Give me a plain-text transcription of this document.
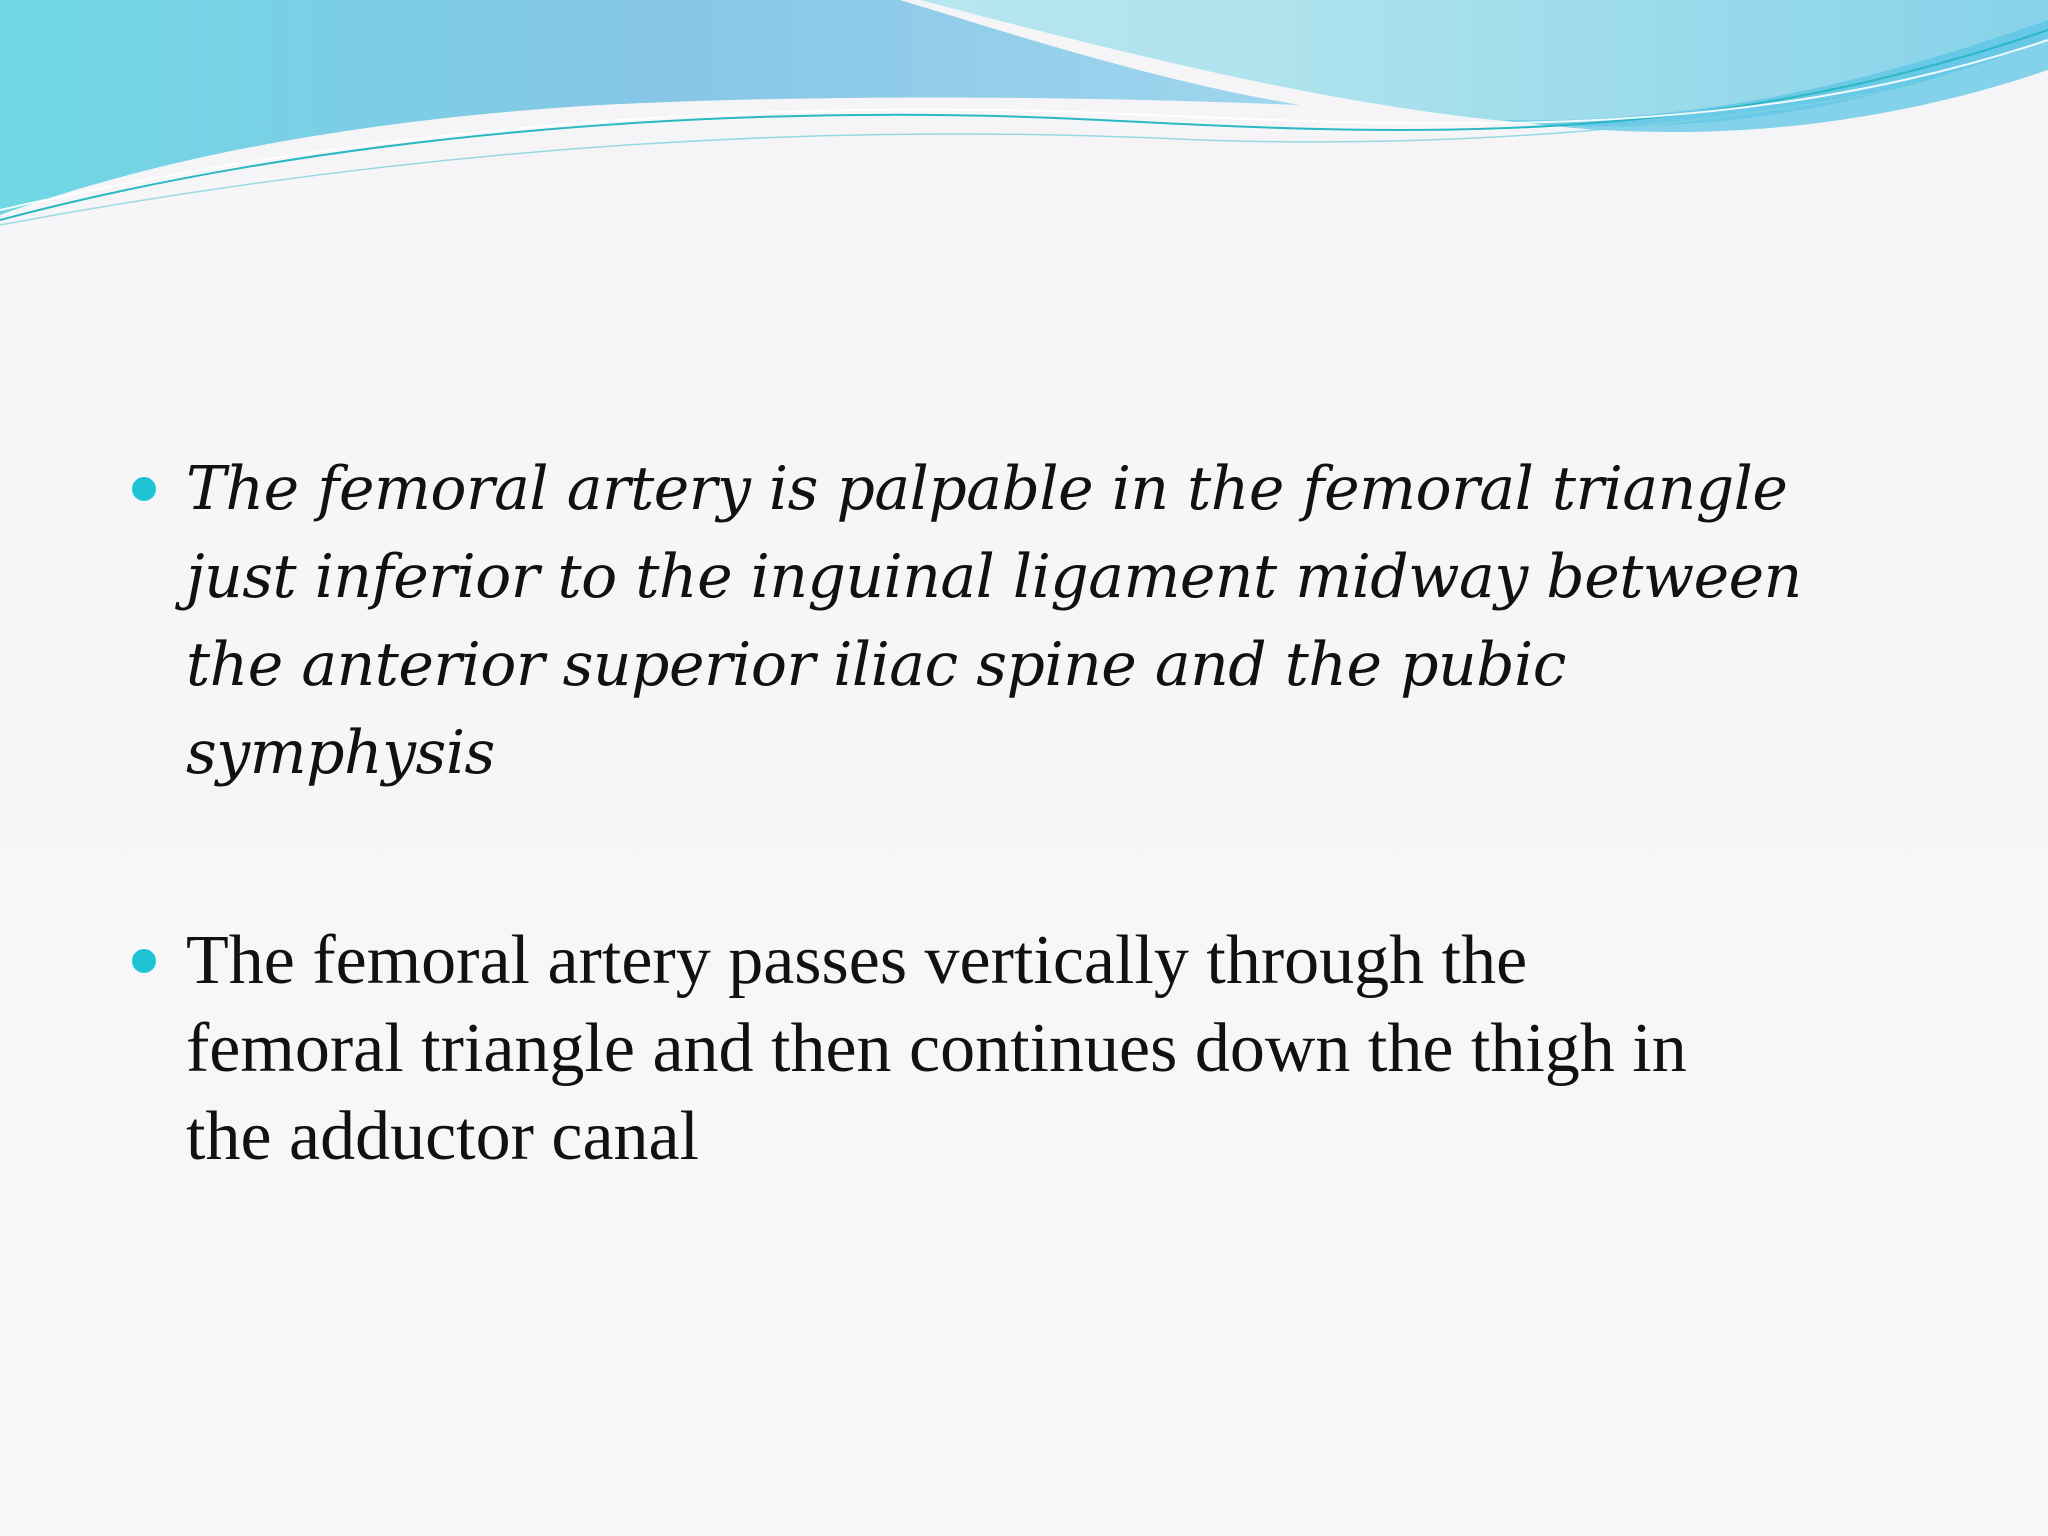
The femoral artery is palpable in the femoral triangle
just inferior to the inguinal ligament midway between
the anterior superior iliac spine and the pubic
symphysis
The femoral artery passes vertically through the
femoral triangle and then continues down the thigh in
the adductor canal
